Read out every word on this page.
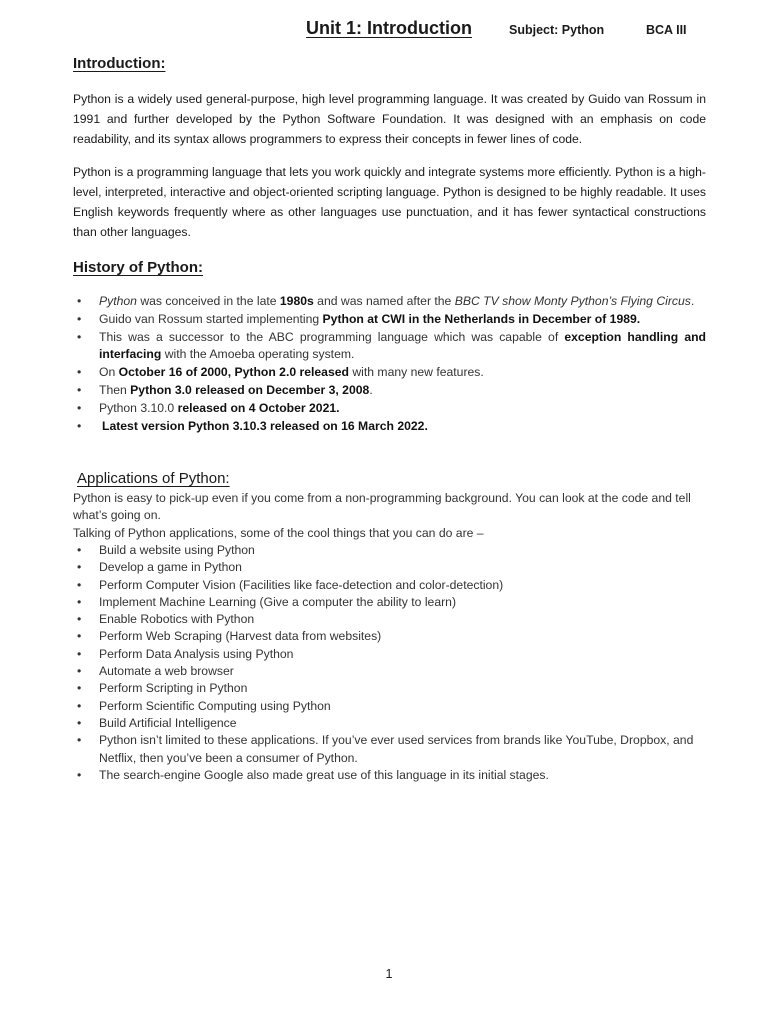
Unit 1: Introduction	Subject: Python	BCA III
Introduction:

Python is a widely used general-purpose, high level programming language. It was created by Guido van Rossum in 1991 and further developed by the Python Software Foundation. It was designed with an emphasis on code readability, and its syntax allows programmers to express their concepts in fewer lines of code.

Python is a programming language that lets you work quickly and integrate systems more efficiently. Python is a high-level, interpreted, interactive and object-oriented scripting language. Python is designed to be highly readable. It uses English keywords frequently where as other languages use punctuation, and it has fewer syntactical constructions than other languages.

History of Python:
• Python was conceived in the late 1980s and was named after the BBC TV show Monty Python’s Flying Circus.
• Guido van Rossum started implementing Python at CWI in the Netherlands in December of 1989.
• This was a successor to the ABC programming language which was capable of exception handling and interfacing with the Amoeba operating system.
• On October 16 of 2000, Python 2.0 released with many new features.
• Then Python 3.0 released on December 3, 2008.
• Python 3.10.0 released on 4 October 2021.
• Latest version Python 3.10.3 released on 16 March 2022.
Applications of Python:

Python is easy to pick-up even if you come from a non-programming background. You can look at the code and tell what’s going on.
Talking of Python applications, some of the cool things that you can do are –

• Build a website using Python
• Develop a game in Python
• Perform Computer Vision (Facilities like face-detection and color-detection)
• Implement Machine Learning (Give a computer the ability to learn)
• Enable Robotics with Python
• Perform Web Scraping (Harvest data from websites)
• Perform Data Analysis using Python
• Automate a web browser
• Perform Scripting in Python
• Perform Scientific Computing using Python
• Build Artificial Intelligence
• Python isn’t limited to these applications. If you’ve ever used services from brands like YouTube, Dropbox, and Netflix, then you’ve been a consumer of Python.
• The search-engine Google also made great use of this language in its initial stages.
1
